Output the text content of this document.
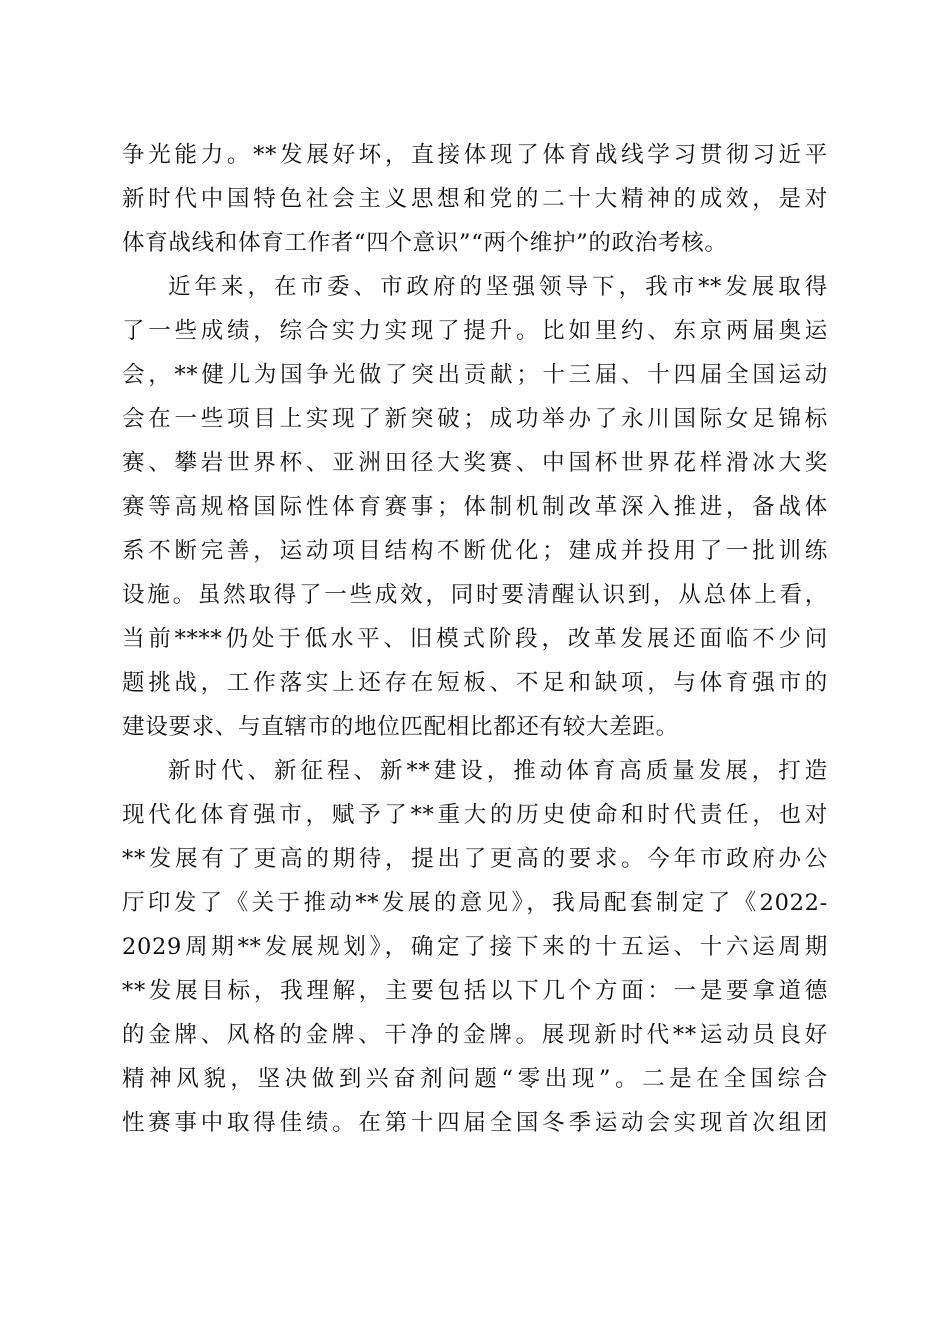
争光能力。**发展好坏，直接体现了体育战线学习贯彻习近平
新时代中国特色社会主义思想和党的二十大精神的成效，是对
体育战线和体育工作者“四个意识”“两个维护”的政治考核。
近年来，在市委、市政府的坚强领导下，我市**发展取得
了一些成绩，综合实力实现了提升。比如里约、东京两届奥运
会，**健儿为国争光做了突出贡献；十三届、十四届全国运动
会在一些项目上实现了新突破；成功举办了永川国际女足锦标
赛、攀岩世界杯、亚洲田径大奖赛、中国杯世界花样滑冰大奖
赛等高规格国际性体育赛事；体制机制改革深入推进，备战体
系不断完善，运动项目结构不断优化；建成并投用了一批训练
设施。虽然取得了一些成效，同时要清醒认识到，从总体上看，
当前****仍处于低水平、旧模式阶段，改革发展还面临不少问
题挑战，工作落实上还存在短板、不足和缺项，与体育强市的
建设要求、与直辖市的地位匹配相比都还有较大差距。
新时代、新征程、新**建设，推动体育高质量发展，打造
现代化体育强市，赋予了**重大的历史使命和时代责任，也对
**发展有了更高的期待，提出了更高的要求。今年市政府办公
厅印发了《关于推动**发展的意见》，我局配套制定了《2022-
2029周期**发展规划》，确定了接下来的十五运、十六运周期
**发展目标，我理解，主要包括以下几个方面：一是要拿道德
的金牌、风格的金牌、干净的金牌。展现新时代**运动员良好
精神风貌，坚决做到兴奋剂问题“零出现”。二是在全国综合
性赛事中取得佳绩。在第十四届全国冬季运动会实现首次组团
